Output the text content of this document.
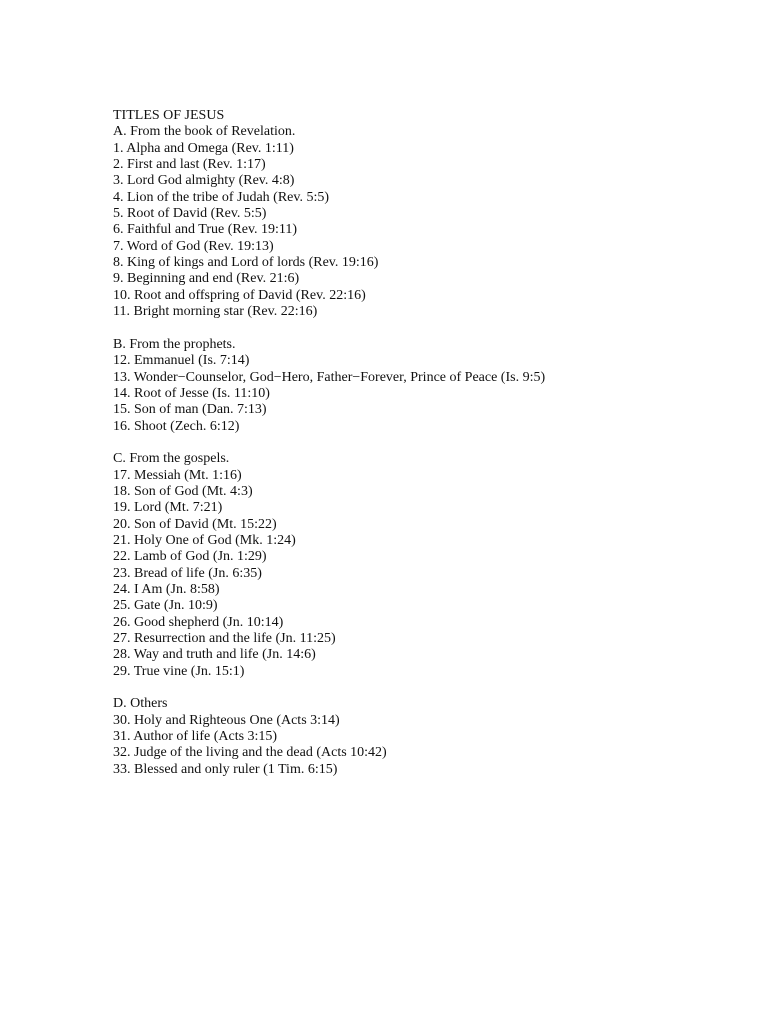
TITLES OF JESUS
A. From the book of Revelation.
1. Alpha and Omega (Rev. 1:11)
2. First and last (Rev. 1:17)
3. Lord God almighty (Rev. 4:8)
4. Lion of the tribe of Judah (Rev. 5:5)
5. Root of David (Rev. 5:5)
6. Faithful and True (Rev. 19:11)
7. Word of God (Rev. 19:13)
8. King of kings and Lord of lords (Rev. 19:16)
9. Beginning and end (Rev. 21:6)
10. Root and offspring of David (Rev. 22:16)
11. Bright morning star (Rev. 22:16)
B. From the prophets.
12. Emmanuel (Is. 7:14)
13. Wonder−Counselor, God−Hero, Father−Forever, Prince of Peace (Is. 9:5)
14. Root of Jesse (Is. 11:10)
15. Son of man (Dan. 7:13)
16. Shoot (Zech. 6:12)
C. From the gospels.
17. Messiah (Mt. 1:16)
18. Son of God (Mt. 4:3)
19. Lord (Mt. 7:21)
20. Son of David (Mt. 15:22)
21. Holy One of God (Mk. 1:24)
22. Lamb of God (Jn. 1:29)
23. Bread of life (Jn. 6:35)
24. I Am (Jn. 8:58)
25. Gate (Jn. 10:9)
26. Good shepherd (Jn. 10:14)
27. Resurrection and the life (Jn. 11:25)
28. Way and truth and life (Jn. 14:6)
29. True vine (Jn. 15:1)
D. Others
30. Holy and Righteous One (Acts 3:14)
31. Author of life (Acts 3:15)
32. Judge of the living and the dead (Acts 10:42)
33. Blessed and only ruler (1 Tim. 6:15)
